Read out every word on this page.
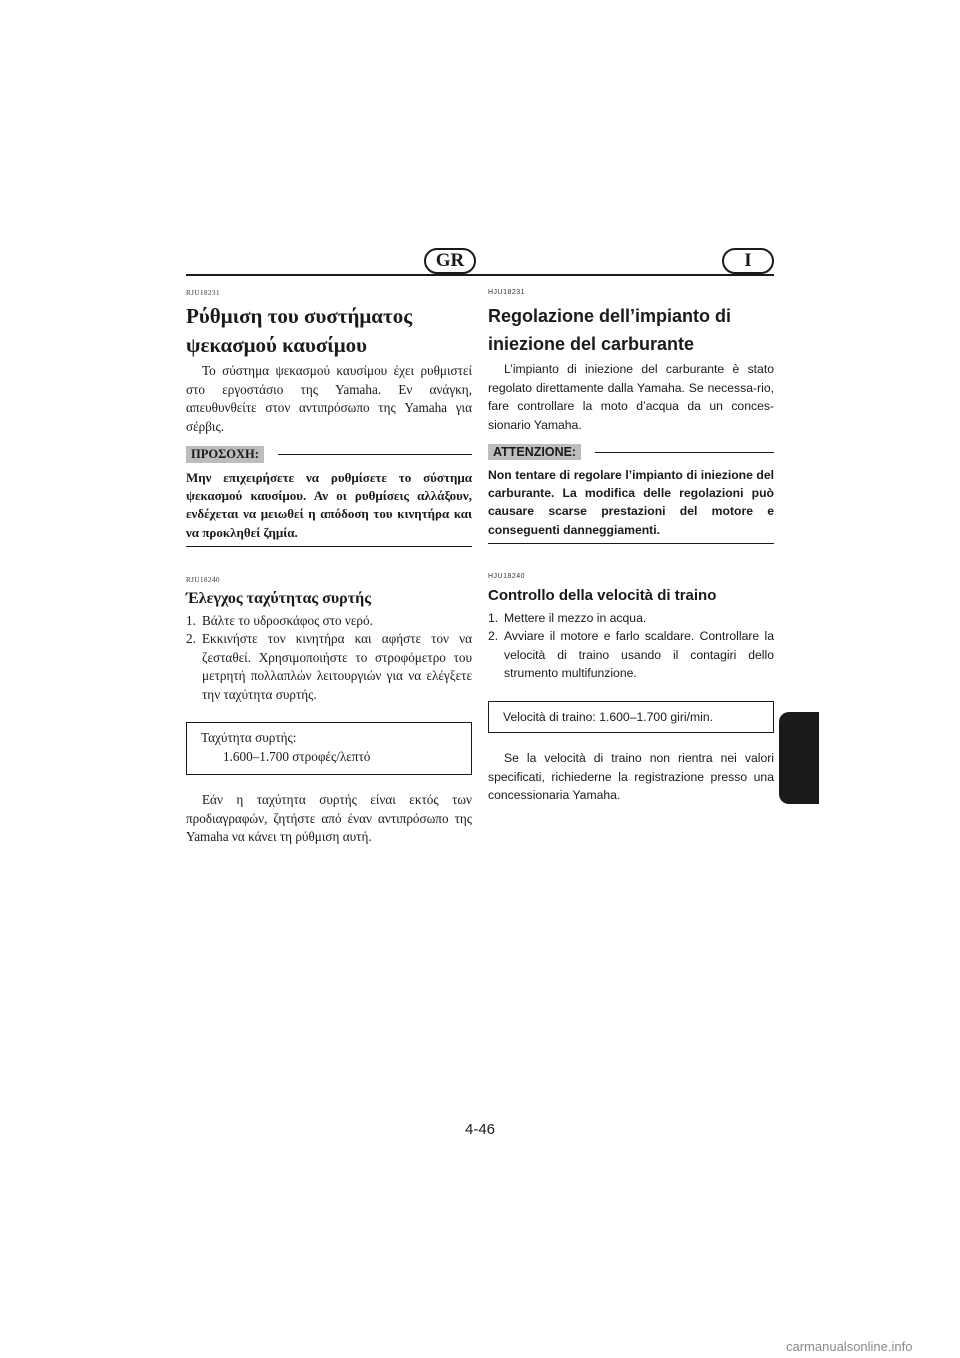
GR	I
RJU18231
Ρύθμιση του συστήματος
ψεκασμού καυσίμου

Το σύστημα ψεκασμού καυσίμου έχει ρυθμιστεί στο εργοστάσιο της Yamaha. Εν ανάγκη, απευθυνθείτε στον αντιπρόσωπο της Yamaha για σέρβις.

ΠΡΟΣΟΧΗ:
Μην επιχειρήσετε να ρυθμίσετε το σύστημα ψεκασμού καυσίμου. Αν οι ρυθμίσεις αλλάξουν, ενδέχεται να μειωθεί η απόδοση του κινητήρα και να προκληθεί ζημία.
RJU18240
Έλεγχος ταχύτητας συρτής
1. Βάλτε το υδροσκάφος στο νερό.
2. Εκκινήστε τον κινητήρα και αφήστε τον να ζεσταθεί. Χρησιμοποιήστε το στροφόμετρο του μετρητή πολλαπλών λειτουργιών για να ελέγξετε την ταχύτητα συρτής.
Ταχύτητα συρτής:
1.600–1.700 στροφές/λεπτό

Εάν η ταχύτητα συρτής είναι εκτός των προδιαγραφών, ζητήστε από έναν αντιπρόσωπο της Yamaha να κάνει τη ρύθμιση αυτή.

HJU18231
Regolazione dell’impianto di
iniezione del carburante

L’impianto di iniezione del carburante è stato regolato direttamente dalla Yamaha. Se necessa-rio, fare controllare la moto d’acqua da un conces-sionario Yamaha.

ATTENZIONE:
Non tentare di regolare l’impianto di iniezione del carburante. La modifica delle regolazioni può causare scarse prestazioni del motore e conseguenti danneggiamenti.
HJU18240
Controllo della velocità di traino
1. Mettere il mezzo in acqua.
2. Avviare il motore e farlo scaldare. Controllare la velocità di traino usando il contagiri dello strumento multifunzione.
Velocità di traino: 1.600–1.700 giri/min.

Se la velocità di traino non rientra nei valori specificati, richiederne la registrazione presso una concessionaria Yamaha.

4-46
carmanualsonline.info
